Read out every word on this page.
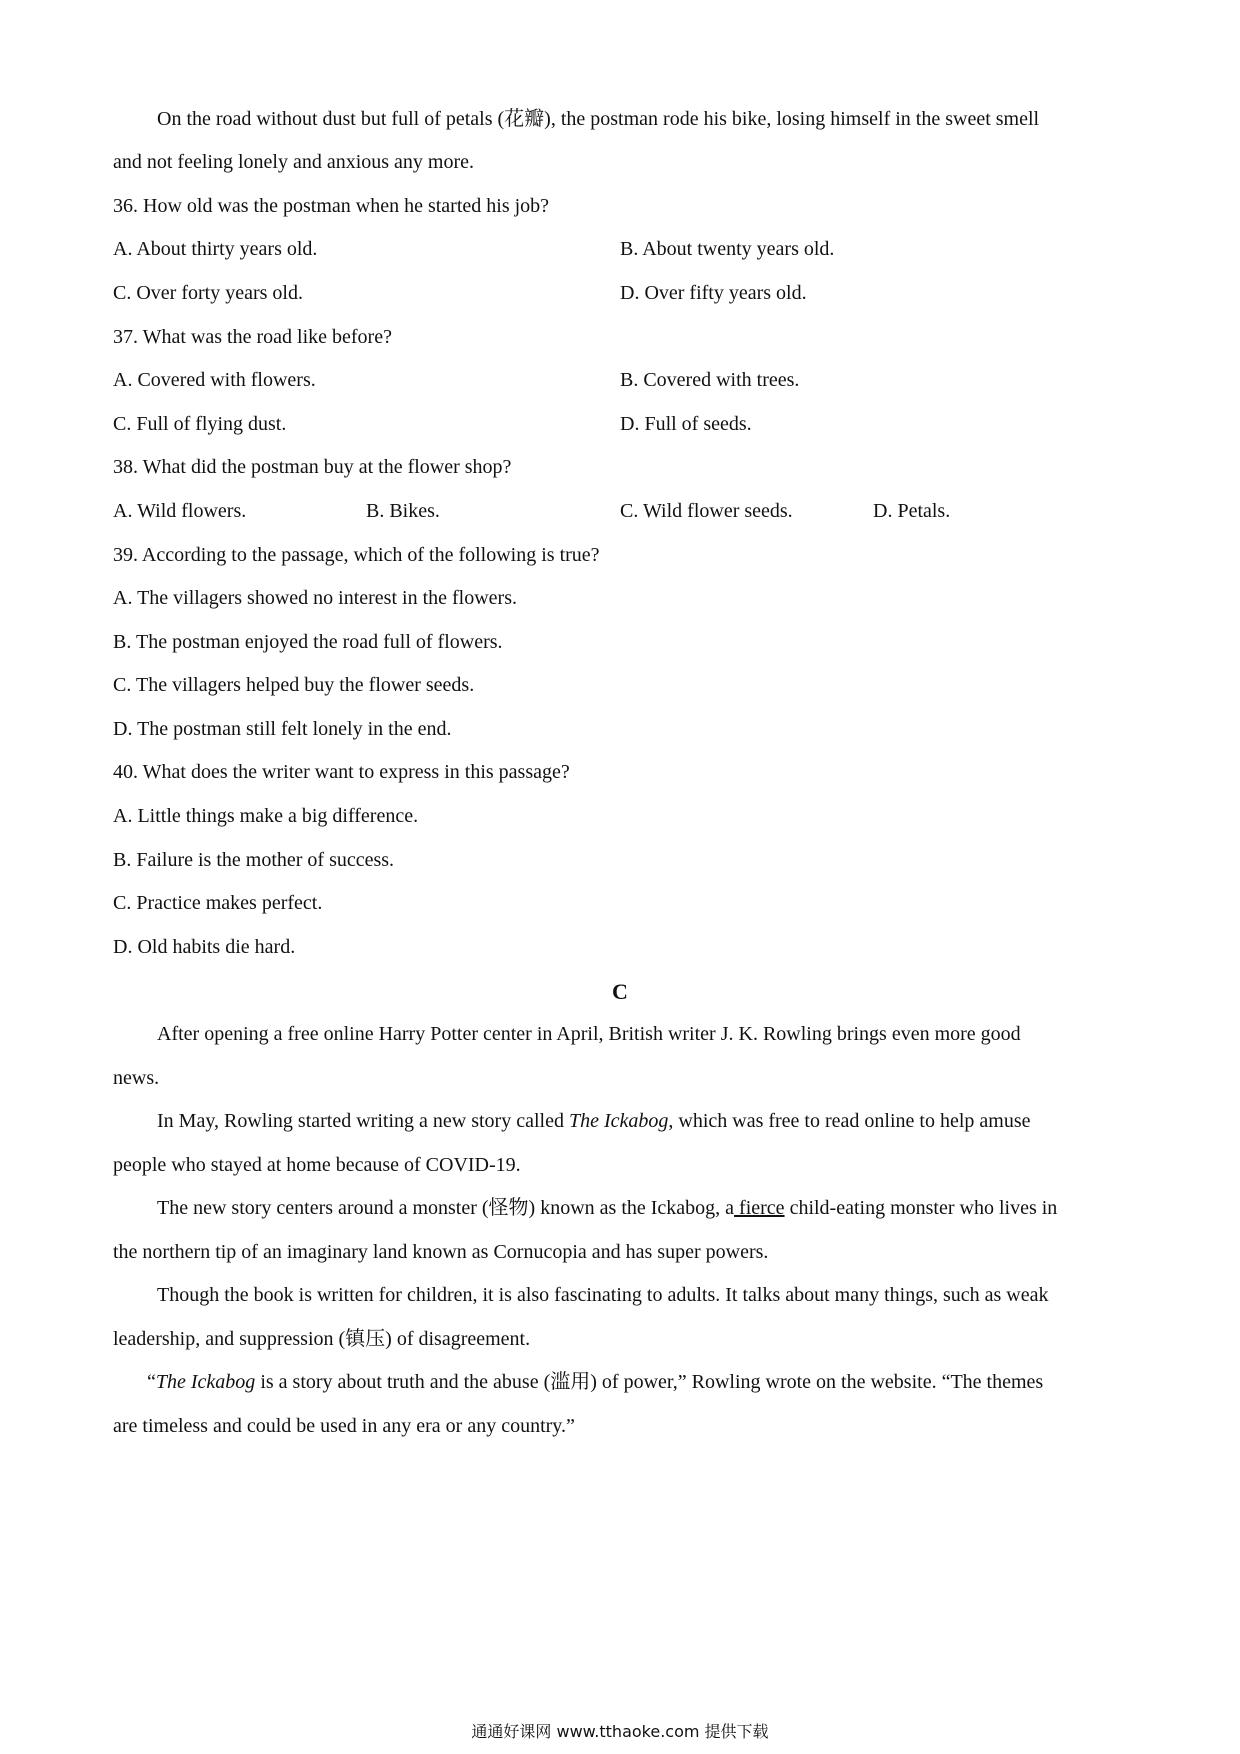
On the road without dust but full of petals (花瓣), the postman rode his bike, losing himself in the sweet smell
and not feeling lonely and anxious any more.
36. How old was the postman when he started his job?
A. About thirty years old.	B. About twenty years old.
C. Over forty years old.	D. Over fifty years old.
37. What was the road like before?
A. Covered with flowers.	B. Covered with trees.
C. Full of flying dust.	D. Full of seeds.
38. What did the postman buy at the flower shop?
A. Wild flowers.	B. Bikes.	C. Wild flower seeds.	D. Petals.
39. According to the passage, which of the following is true?
A. The villagers showed no interest in the flowers.
B. The postman enjoyed the road full of flowers.
C. The villagers helped buy the flower seeds.
D. The postman still felt lonely in the end.
40. What does the writer want to express in this passage?
A. Little things make a big difference.
B. Failure is the mother of success.
C. Practice makes perfect.
D. Old habits die hard.
C
After opening a free online Harry Potter center in April, British writer J. K. Rowling brings even more good
news.
In May, Rowling started writing a new story called The Ickabog, which was free to read online to help amuse
people who stayed at home because of COVID-19.
The new story centers around a monster (怪物) known as the Ickabog, a fierce child-eating monster who lives in
the northern tip of an imaginary land known as Cornucopia and has super powers.
Though the book is written for children, it is also fascinating to adults. It talks about many things, such as weak
leadership, and suppression (镇压) of disagreement.
“The Ickabog is a story about truth and the abuse (滥用) of power,” Rowling wrote on the website. “The themes
are timeless and could be used in any era or any country.”
通通好课网 www.tthaoke.com 提供下载
